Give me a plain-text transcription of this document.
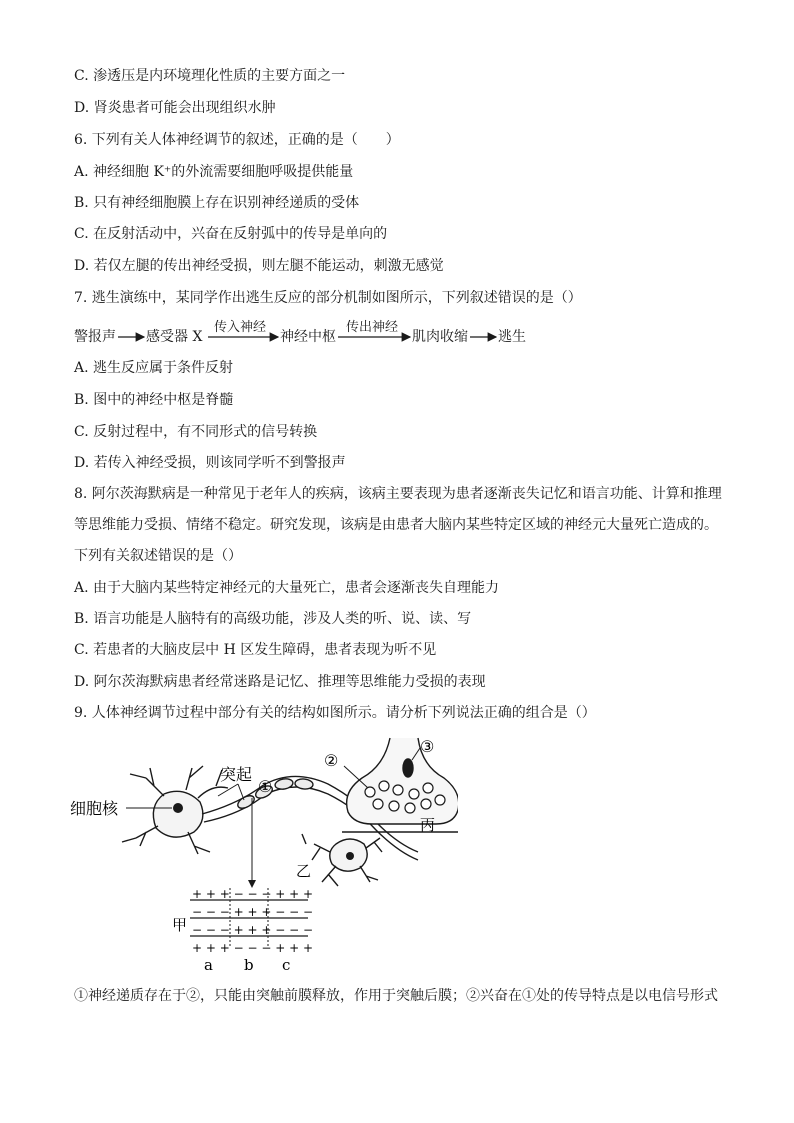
C. 渗透压是内环境理化性质的主要方面之一
D. 肾炎患者可能会出现组织水肿
6. 下列有关人体神经调节的叙述，正确的是（　　）
A. 神经细胞 K⁺的外流需要细胞呼吸提供能量
B. 只有神经细胞膜上存在识别神经递质的受体
C. 在反射活动中，兴奋在反射弧中的传导是单向的
D. 若仅左腿的传出神经受损，则左腿不能运动，刺激无感觉
7. 逃生演练中，某同学作出逃生反应的部分机制如图所示，下列叙述错误的是（）
警报声 感受器 X
传入神经
神经中枢
传出神经
肌肉收缩 逃生
A. 逃生反应属于条件反射
B. 图中的神经中枢是脊髓
C. 反射过程中，有不同形式的信号转换
D. 若传入神经受损，则该同学听不到警报声
8. 阿尔茨海默病是一种常见于老年人的疾病，该病主要表现为患者逐渐丧失记忆和语言功能、计算和推理
等思维能力受损、情绪不稳定。研究发现，该病是由患者大脑内某些特定区域的神经元大量死亡造成的。
下列有关叙述错误的是（）
A. 由于大脑内某些特定神经元的大量死亡，患者会逐渐丧失自理能力
B. 语言功能是人脑特有的高级功能，涉及人类的听、说、读、写
C. 若患者的大脑皮层中 H 区发生障碍，患者表现为听不见
D. 阿尔茨海默病患者经常迷路是记忆、推理等思维能力受损的表现
9. 人体神经调节过程中部分有关的结构如图所示。请分析下列说法正确的组合是（）
细胞核
突起
①
乙
②
③
丙
+ + + − − − + + +
− − − + + + − − −
− − − + + + − − −
+ + + − − − + + +
甲
a b c
①神经递质存在于②，只能由突触前膜释放，作用于突触后膜；②兴奋在①处的传导特点是以电信号形式
